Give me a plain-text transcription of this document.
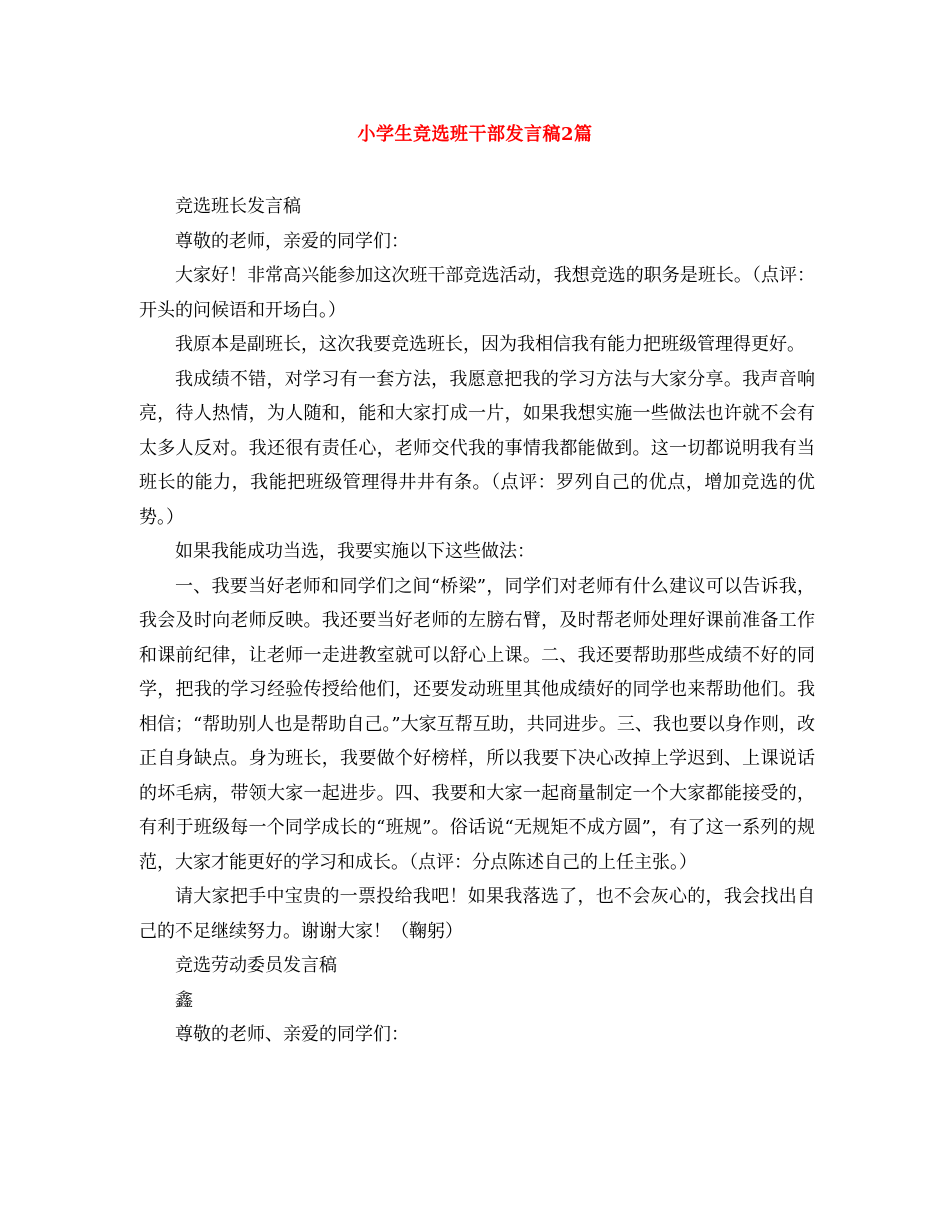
小学生竞选班干部发言稿2篇

竞选班长发言稿

尊敬的老师，亲爱的同学们：

大家好！非常高兴能参加这次班干部竞选活动，我想竞选的职务是班长。（点评：开头的问候语和开场白。）

我原本是副班长，这次我要竞选班长，因为我相信我有能力把班级管理得更好。

我成绩不错，对学习有一套方法，我愿意把我的学习方法与大家分享。我声音响亮，待人热情，为人随和，能和大家打成一片，如果我想实施一些做法也许就不会有太多人反对。我还很有责任心，老师交代我的事情我都能做到。这一切都说明我有当班长的能力，我能把班级管理得井井有条。（点评：罗列自己的优点，增加竞选的优势。）

如果我能成功当选，我要实施以下这些做法：

一、我要当好老师和同学们之间“桥梁”，同学们对老师有什么建议可以告诉我，我会及时向老师反映。我还要当好老师的左膀右臂，及时帮老师处理好课前准备工作和课前纪律，让老师一走进教室就可以舒心上课。二、我还要帮助那些成绩不好的同学，把我的学习经验传授给他们，还要发动班里其他成绩好的同学也来帮助他们。我相信；“帮助别人也是帮助自己。”大家互帮互助，共同进步。三、我也要以身作则，改正自身缺点。身为班长，我要做个好榜样，所以我要下决心改掉上学迟到、上课说话的坏毛病，带领大家一起进步。四、我要和大家一起商量制定一个大家都能接受的，有利于班级每一个同学成长的“班规”。俗话说“无规矩不成方圆”，有了这一系列的规范，大家才能更好的学习和成长。（点评：分点陈述自己的上任主张。）

请大家把手中宝贵的一票投给我吧！如果我落选了，也不会灰心的，我会找出自己的不足继续努力。谢谢大家！（鞠躬）

竞选劳动委员发言稿

鑫

尊敬的老师、亲爱的同学们：
